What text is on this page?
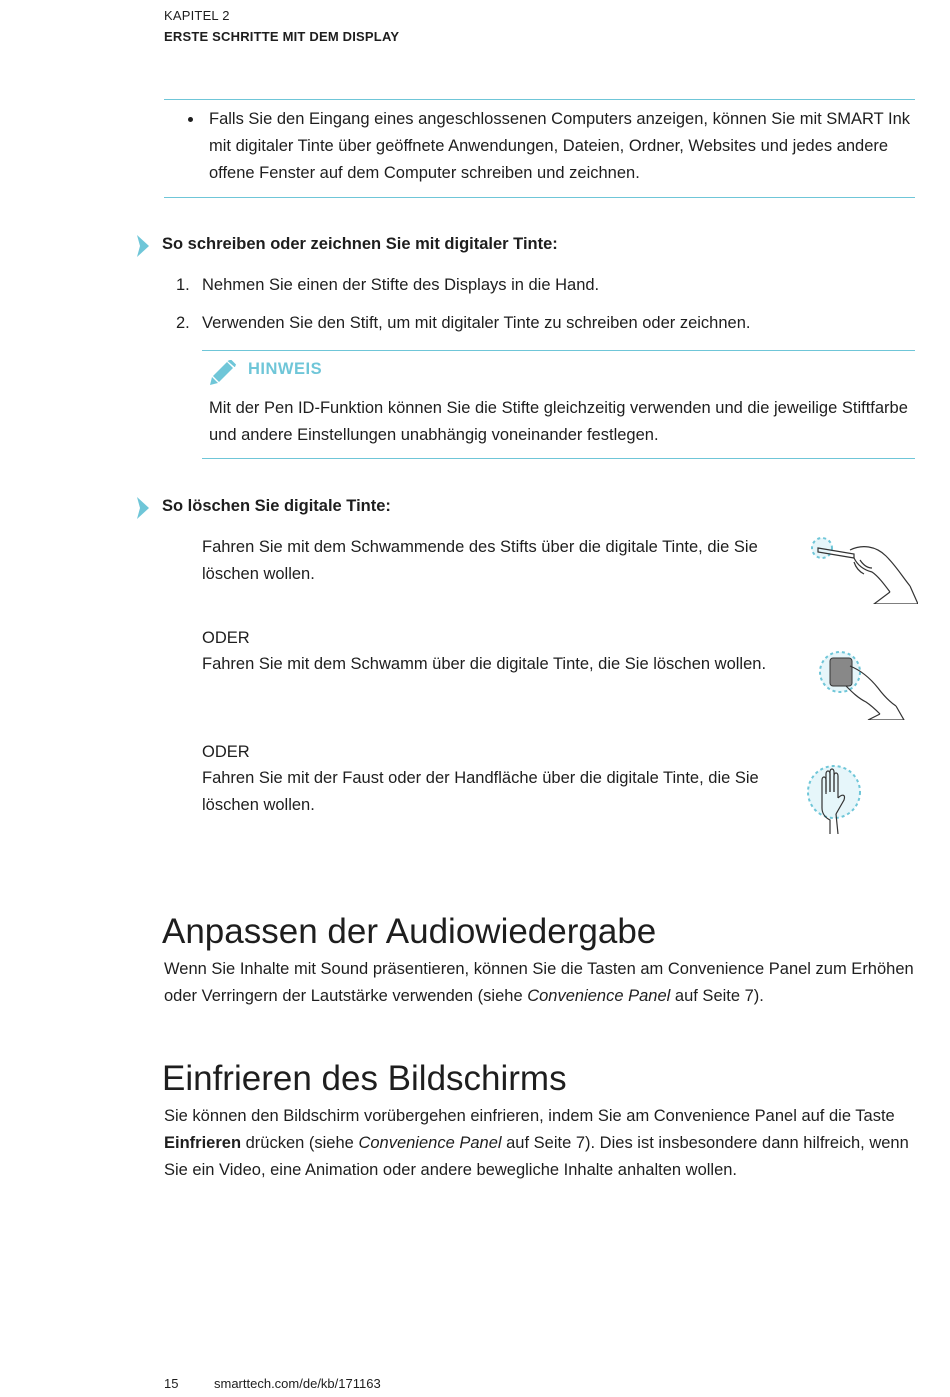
KAPITEL 2
ERSTE SCHRITTE MIT DEM DISPLAY
Falls Sie den Eingang eines angeschlossenen Computers anzeigen, können Sie mit SMART Ink mit digitaler Tinte über geöffnete Anwendungen, Dateien, Ordner, Websites und jedes andere offene Fenster auf dem Computer schreiben und zeichnen.
So schreiben oder zeichnen Sie mit digitaler Tinte:
1. Nehmen Sie einen der Stifte des Displays in die Hand.
2. Verwenden Sie den Stift, um mit digitaler Tinte zu schreiben oder zeichnen.
HINWEIS
Mit der Pen ID-Funktion können Sie die Stifte gleichzeitig verwenden und die jeweilige Stiftfarbe und andere Einstellungen unabhängig voneinander festlegen.
So löschen Sie digitale Tinte:
Fahren Sie mit dem Schwammende des Stifts über die digitale Tinte, die Sie löschen wollen.
ODER
Fahren Sie mit dem Schwamm über die digitale Tinte, die Sie löschen wollen.
ODER
Fahren Sie mit der Faust oder der Handfläche über die digitale Tinte, die Sie löschen wollen.
Anpassen der Audiowiedergabe
Wenn Sie Inhalte mit Sound präsentieren, können Sie die Tasten am Convenience Panel zum Erhöhen oder Verringern der Lautstärke verwenden (siehe Convenience Panel auf Seite 7).
Einfrieren des Bildschirms
Sie können den Bildschirm vorübergehen einfrieren, indem Sie am Convenience Panel auf die Taste Einfrieren drücken (siehe Convenience Panel auf Seite 7). Dies ist insbesondere dann hilfreich, wenn Sie ein Video, eine Animation oder andere bewegliche Inhalte anhalten wollen.
15	smarttech.com/de/kb/171163
